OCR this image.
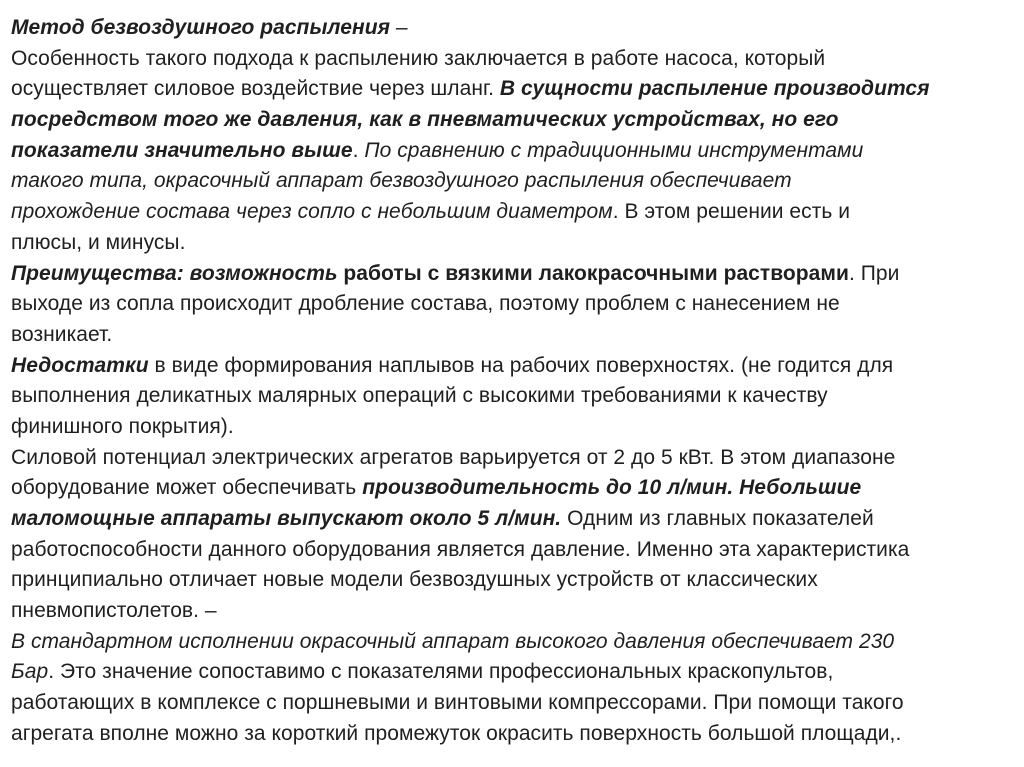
Метод безвоздушного распыления –
Особенность такого подхода к распылению заключается в работе насоса, который
осуществляет силовое воздействие через шланг. В сущности распыление производится
посредством того же давления, как в пневматических устройствах, но его
показатели значительно выше. По сравнению с традиционными инструментами
такого типа, окрасочный аппарат безвоздушного распыления обеспечивает
прохождение состава через сопло с небольшим диаметром. В этом решении есть и
плюсы, и минусы.
Преимущества: возможность работы с вязкими лакокрасочными растворами. При
выходе из сопла происходит дробление состава, поэтому проблем с нанесением не
возникает.
Недостатки в виде формирования наплывов на рабочих поверхностях. (не годится для
выполнения деликатных малярных операций с высокими требованиями к качеству
финишного покрытия).
Силовой потенциал электрических агрегатов варьируется от 2 до 5 кВт. В этом диапазоне
оборудование может обеспечивать производительность до 10 л/мин. Небольшие
маломощные аппараты выпускают около 5 л/мин. Одним из главных показателей
работоспособности данного оборудования является давление. Именно эта характеристика
принципиально отличает новые модели безвоздушных устройств от классических
пневмопистолетов. –
В стандартном исполнении окрасочный аппарат высокого давления обеспечивает 230
Бар. Это значение сопоставимо с показателями профессиональных краскопультов,
работающих в комплексе с поршневыми и винтовыми компрессорами. При помощи такого
агрегата вполне можно за короткий промежуток окрасить поверхность большой площади,.
